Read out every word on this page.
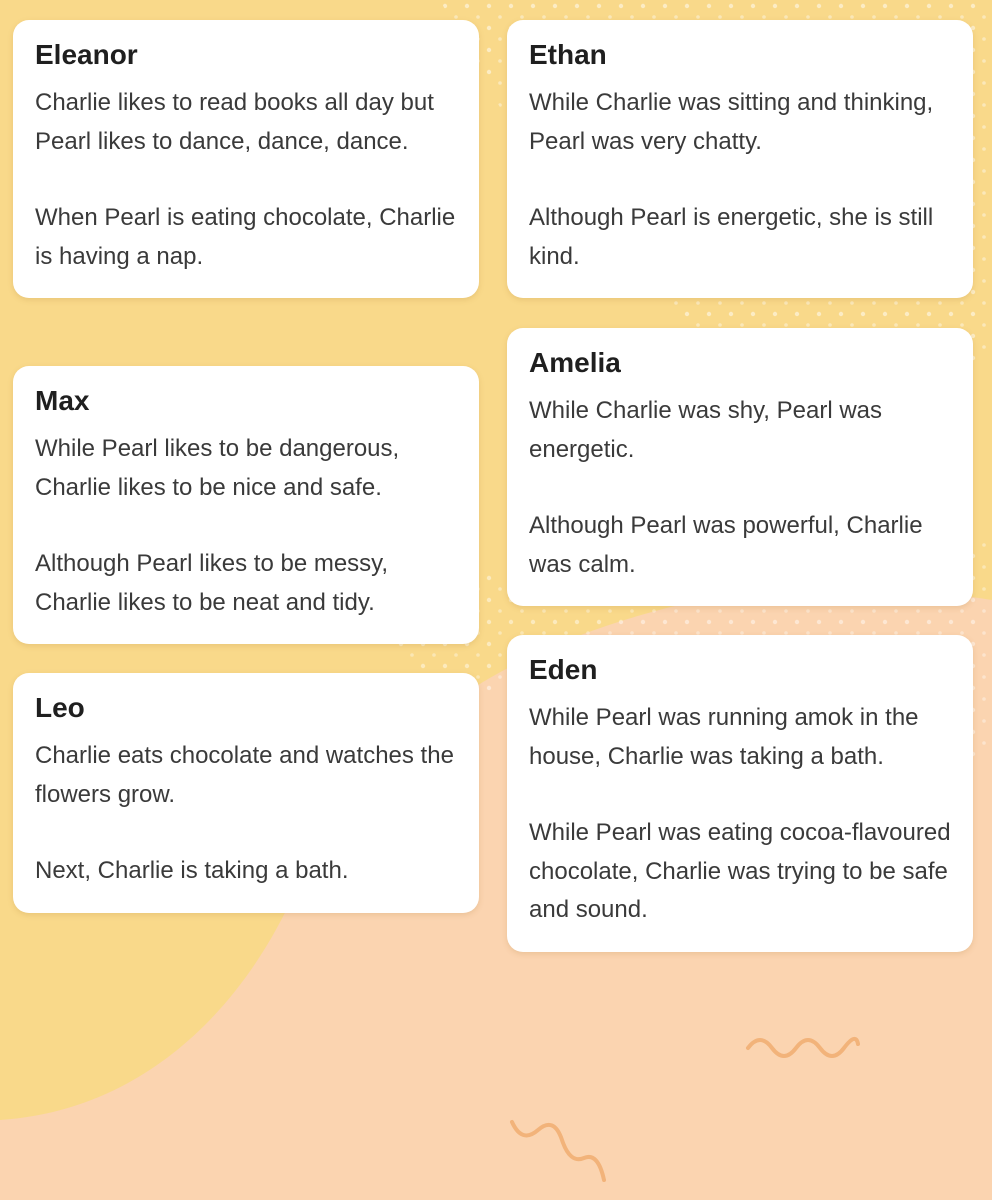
Eleanor

Charlie likes to read books all day but Pearl likes to dance, dance, dance.

When Pearl is eating chocolate, Charlie is having a nap.

Max

While Pearl likes to be dangerous, Charlie likes to be nice and safe.

Although Pearl likes to be messy, Charlie likes to be neat and tidy.

Leo

Charlie eats chocolate and watches the flowers grow.

Next, Charlie is taking a bath.

Ethan

While Charlie was sitting and thinking, Pearl was very chatty.

Although Pearl is energetic, she is still kind.

Amelia

While Charlie was shy, Pearl was energetic.

Although Pearl was powerful, Charlie was calm.

Eden

While Pearl was running amok in the house, Charlie was taking a bath.

While Pearl was eating cocoa-flavoured chocolate, Charlie was trying to be safe and sound.
